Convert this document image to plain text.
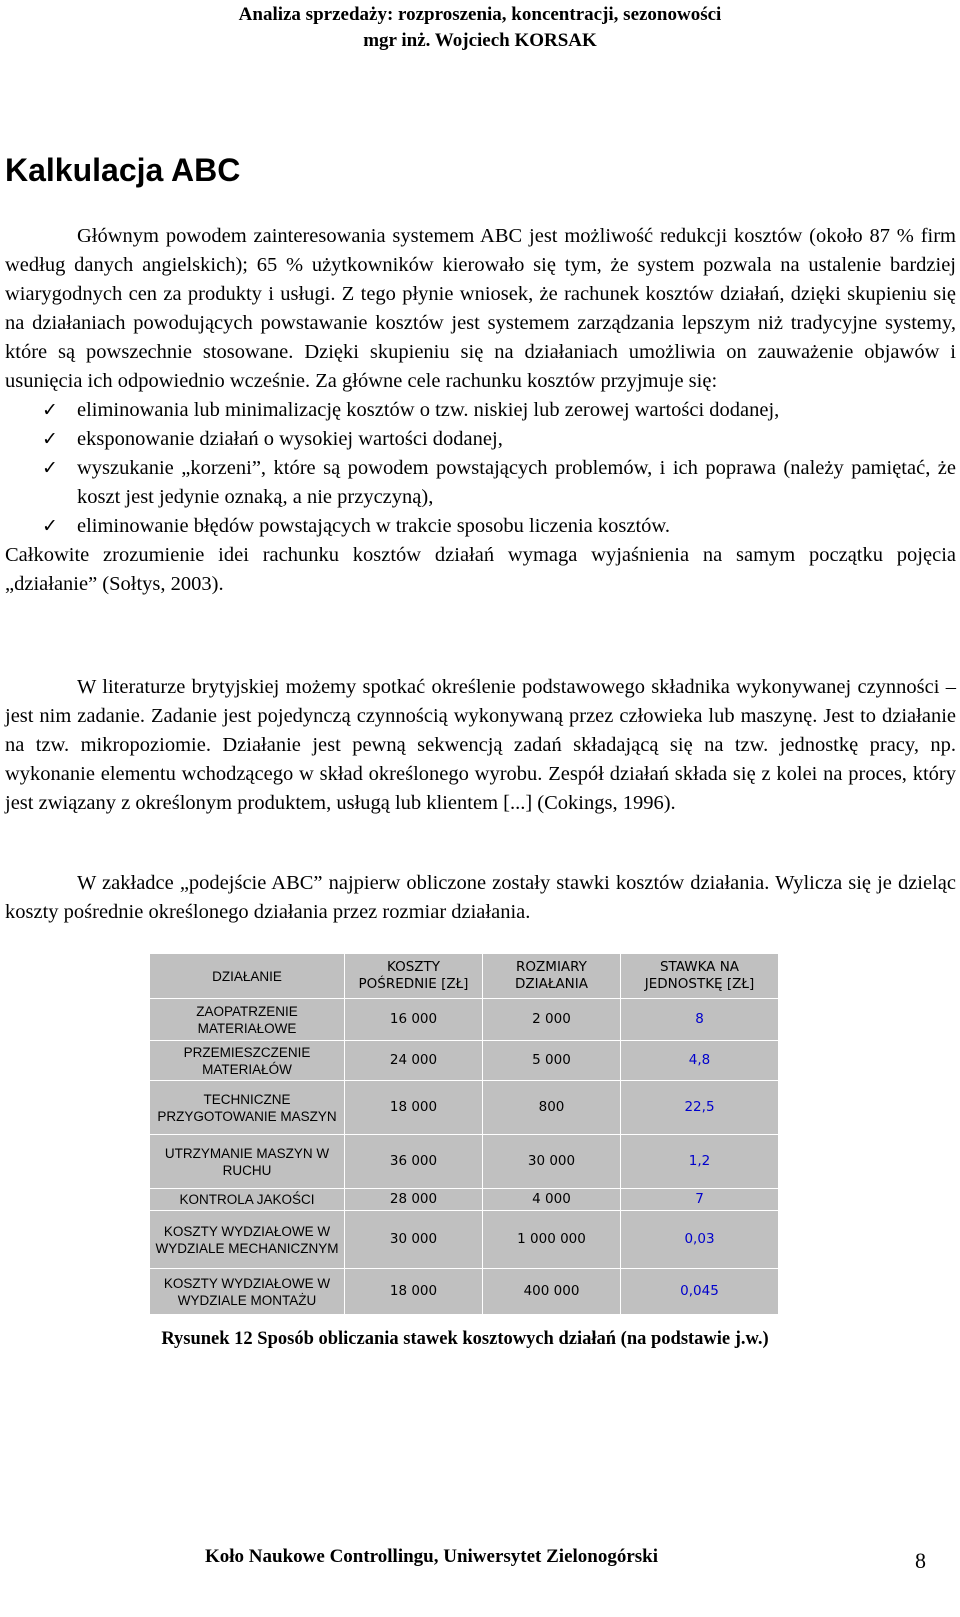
Analiza sprzedaży: rozproszenia, koncentracji, sezonowości
mgr inż. Wojciech KORSAK
Kalkulacja ABC

Głównym powodem zainteresowania systemem ABC jest możliwość redukcji kosztów (około 87 % firm według danych angielskich); 65 % użytkowników kierowało się tym, że system pozwala na ustalenie bardziej wiarygodnych cen za produkty i usługi. Z tego płynie wniosek, że rachunek kosztów działań, dzięki skupieniu się na działaniach powodujących powstawanie kosztów jest systemem zarządzania lepszym niż tradycyjne systemy, które są powszechnie stosowane. Dzięki skupieniu się na działaniach umożliwia on zauważenie objawów i usunięcia ich odpowiednio wcześnie. Za główne cele rachunku kosztów przyjmuje się:

✓ eliminowania lub minimalizację kosztów o tzw. niskiej lub zerowej wartości dodanej,
✓ eksponowanie działań o wysokiej wartości dodanej,
✓ wyszukanie „korzeni”, które są powodem powstających problemów, i ich poprawa (należy pamiętać, że koszt jest jedynie oznaką, a nie przyczyną),
✓ eliminowanie błędów powstających w trakcie sposobu liczenia kosztów.

Całkowite zrozumienie idei rachunku kosztów działań wymaga wyjaśnienia na samym początku pojęcia „działanie” (Sołtys, 2003).

W literaturze brytyjskiej możemy spotkać określenie podstawowego składnika wykonywanej czynności – jest nim zadanie. Zadanie jest pojedynczą czynnością wykonywaną przez człowieka lub maszynę. Jest to działanie na tzw. mikropoziomie. Działanie jest pewną sekwencją zadań składającą się na tzw. jednostkę pracy, np. wykonanie elementu wchodzącego w skład określonego wyrobu. Zespół działań składa się z kolei na proces, który jest związany z określonym produktem, usługą lub klientem [...] (Cokings, 1996).

W zakładce „podejście ABC” najpierw obliczone zostały stawki kosztów działania. Wylicza się je dzieląc koszty pośrednie określonego działania przez rozmiar działania.

DZIAŁANIE	KOSZTY POŚREDNIE [ZŁ]	ROZMIARY DZIAŁANIA	STAWKA NA JEDNOSTKĘ [ZŁ]
ZAOPATRZENIE MATERIAŁOWE	16 000	2 000	8
PRZEMIESZCZENIE MATERIAŁÓW	24 000	5 000	4,8
TECHNICZNE PRZYGOTOWANIE MASZYN	18 000	800	22,5
UTRZYMANIE MASZYN W RUCHU	36 000	30 000	1,2
KONTROLA JAKOŚCI	28 000	4 000	7
KOSZTY WYDZIAŁOWE W WYDZIALE MECHANICZNYM	30 000	1 000 000	0,03
KOSZTY WYDZIAŁOWE W WYDZIALE MONTAŻU	18 000	400 000	0,045
Rysunek 12 Sposób obliczania stawek kosztowych działań (na podstawie j.w.)
Koło Naukowe Controllingu, Uniwersytet Zielonogórski	8
